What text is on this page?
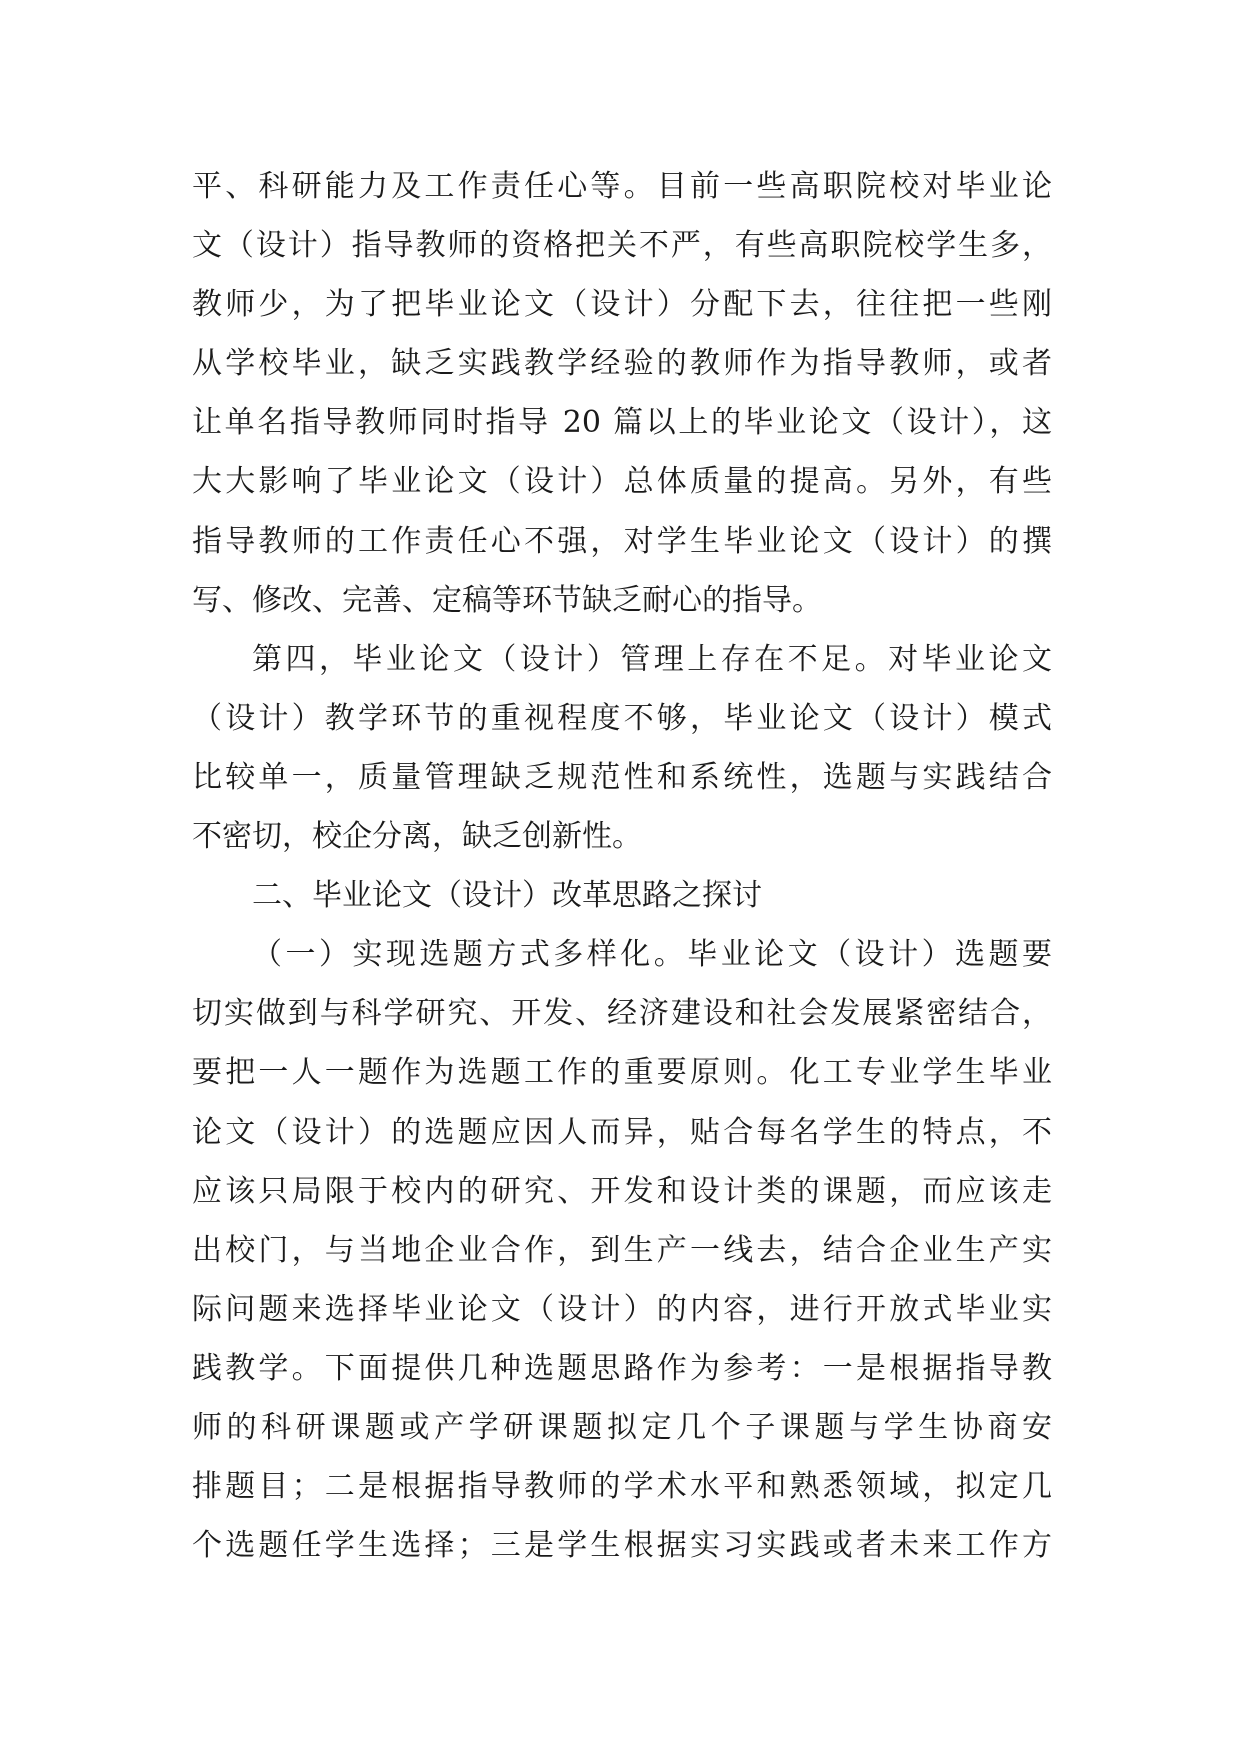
平、科研能力及工作责任心等。目前一些高职院校对毕业论
文（设计）指导教师的资格把关不严，有些高职院校学生多，
教师少，为了把毕业论文（设计）分配下去，往往把一些刚
从学校毕业，缺乏实践教学经验的教师作为指导教师，或者
让单名指导教师同时指导 20 篇以上的毕业论文（设计），这
大大影响了毕业论文（设计）总体质量的提高。另外，有些
指导教师的工作责任心不强，对学生毕业论文（设计）的撰
写、修改、完善、定稿等环节缺乏耐心的指导。
第四，毕业论文（设计）管理上存在不足。对毕业论文
（设计）教学环节的重视程度不够，毕业论文（设计）模式
比较单一，质量管理缺乏规范性和系统性，选题与实践结合
不密切，校企分离，缺乏创新性。
二、毕业论文（设计）改革思路之探讨
（一）实现选题方式多样化。毕业论文（设计）选题要
切实做到与科学研究、开发、经济建设和社会发展紧密结合，
要把一人一题作为选题工作的重要原则。化工专业学生毕业
论文（设计）的选题应因人而异，贴合每名学生的特点，不
应该只局限于校内的研究、开发和设计类的课题，而应该走
出校门，与当地企业合作，到生产一线去，结合企业生产实
际问题来选择毕业论文（设计）的内容，进行开放式毕业实
践教学。下面提供几种选题思路作为参考：一是根据指导教
师的科研课题或产学研课题拟定几个子课题与学生协商安
排题目；二是根据指导教师的学术水平和熟悉领域，拟定几
个选题任学生选择；三是学生根据实习实践或者未来工作方
